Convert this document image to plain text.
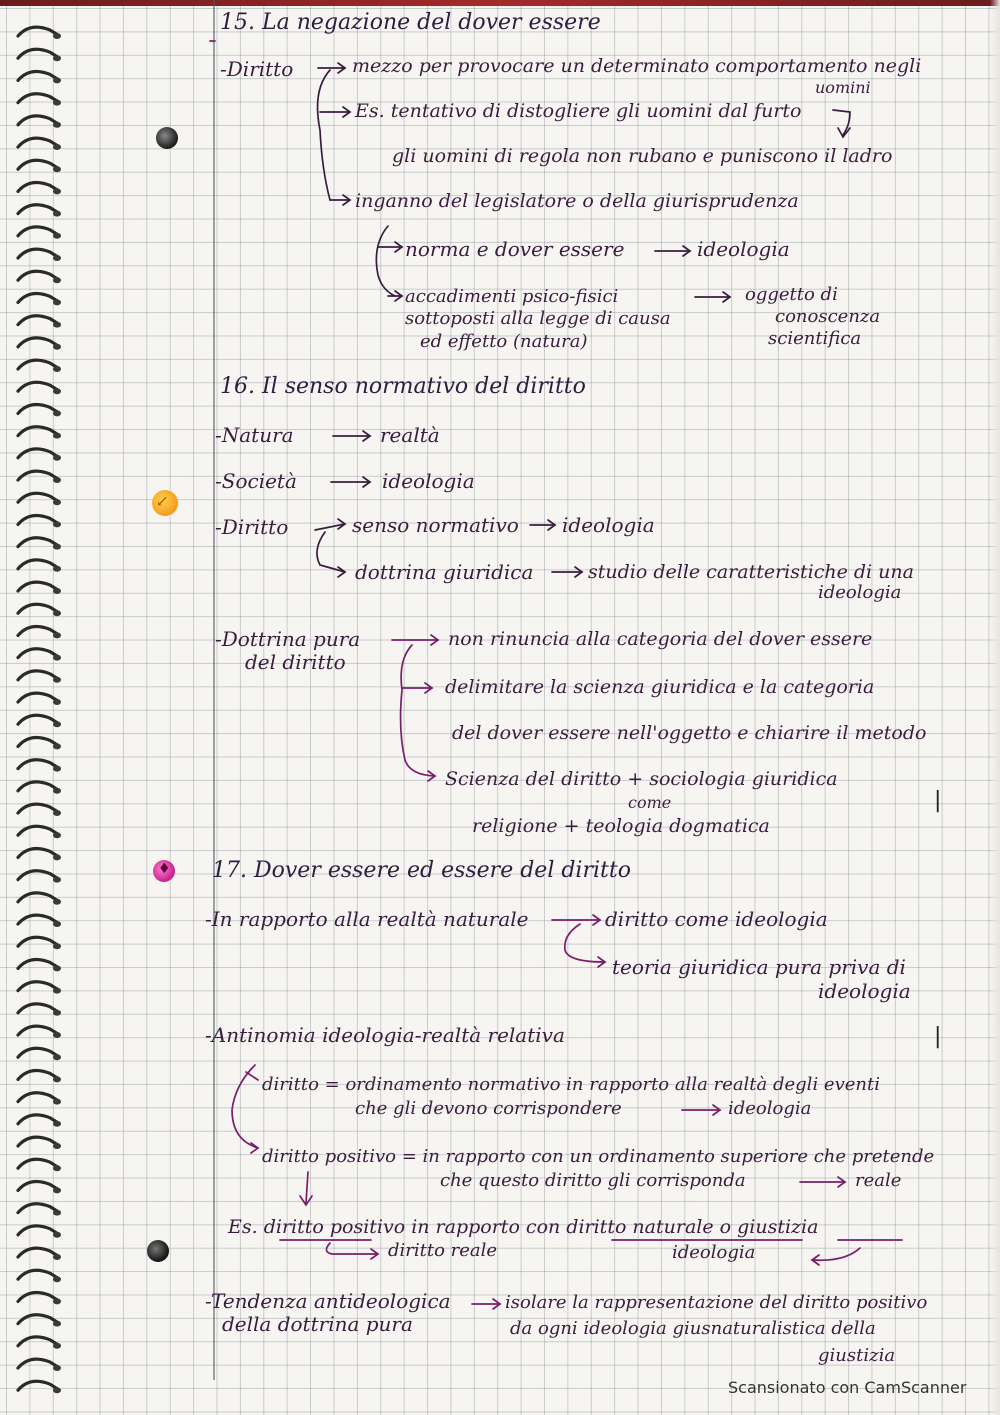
↙
♦
15. La negazione del dover essere
-Diritto	mezzo per provocare un determinato comportamento negli
uomini
Es. tentativo di distogliere gli uomini dal furto
gli uomini di regola non rubano e puniscono il ladro
inganno del legislatore o della giurisprudenza
norma e dover essere	ideologia
accadimenti psico-fisici
sottoposti alla legge di causa
ed effetto (natura)
oggetto di
conoscenza
scientifica
16. Il senso normativo del diritto
-Natura	realtà
-Società	ideologia
-Diritto	senso normativo ideologia
dottrina giuridica	studio delle caratteristiche di una
ideologia
-Dottrina pura
del diritto
non rinuncia alla categoria del dover essere
delimitare la scienza giuridica e la categoria
del dover essere nell'oggetto e chiarire il metodo
Scienza del diritto + sociologia giuridica
come
religione + teologia dogmatica
|
17. Dover essere ed essere del diritto
-In rapporto alla realtà naturale	diritto come ideologia
teoria giuridica pura priva di
ideologia
-Antinomia ideologia-realtà relativa	|
diritto = ordinamento normativo in rapporto alla realtà degli eventi
che gli devono corrispondere	ideologia
diritto positivo = in rapporto con un ordinamento superiore che pretende
che questo diritto gli corrisponda	reale
Es. diritto positivo in rapporto con diritto naturale o giustizia
diritto reale	ideologia
-Tendenza antideologica
della dottrina pura
isolare la rappresentazione del diritto positivo
da ogni ideologia giusnaturalistica della
giustizia
Scansionato con CamScanner
